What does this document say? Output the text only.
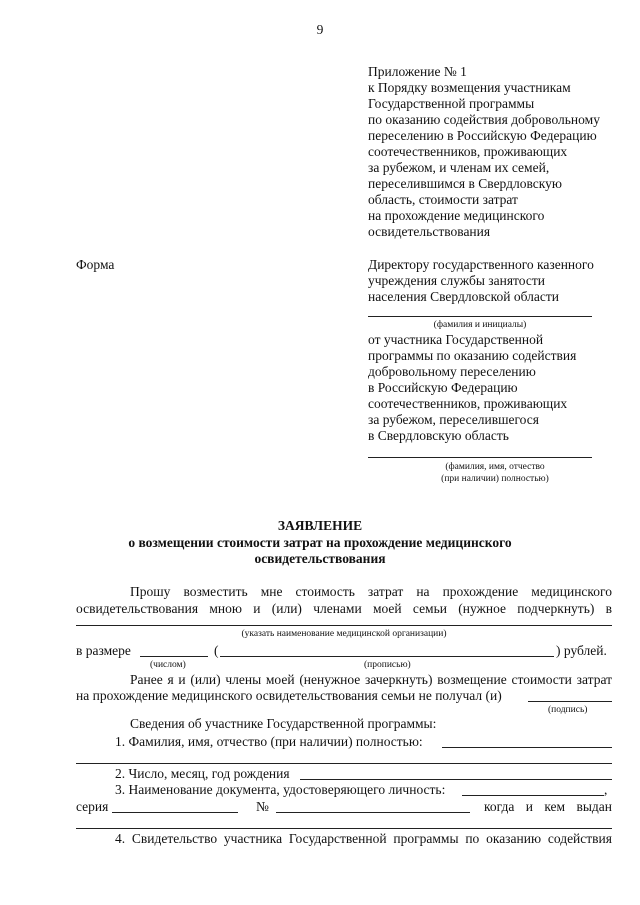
9
Приложение № 1
к Порядку возмещения участникам
Государственной программы
по оказанию содействия добровольному
переселению в Российскую Федерацию
соотечественников, проживающих
за рубежом, и членам их семей,
переселившимся в Свердловскую
область, стоимости затрат
на прохождение медицинского
освидетельствования
Форма	Директору государственного казенного
учреждения службы занятости
населения Свердловской области
(фамилия и инициалы)
от участника Государственной
программы по оказанию содействия
добровольному переселению
в Российскую Федерацию
соотечественников, проживающих
за рубежом, переселившегося
в Свердловскую область
(фамилия, имя, отчество
(при наличии) полностью)
ЗАЯВЛЕНИЕ
о возмещении стоимости затрат на прохождение медицинского
освидетельствования
Прошу возместить мне стоимость затрат на прохождение медицинского
освидетельствования мною и (или) членами моей семьи (нужное подчеркнуть) в
(указать наименование медицинской организации)
в размере	(	) рублей.
(числом)	(прописью)
Ранее я и (или) члены моей (ненужное зачеркнуть) возмещение стоимости затрат
на прохождение медицинского освидетельствования семьи не получал (и)
(подпись)
Сведения об участнике Государственной программы:
1. Фамилия, имя, отчество (при наличии) полностью:
2. Число, месяц, год рождения
3. Наименование документа, удостоверяющего личность:	,
серия	№	когда и кем выдан
4. Свидетельство участника Государственной программы по оказанию содействия
